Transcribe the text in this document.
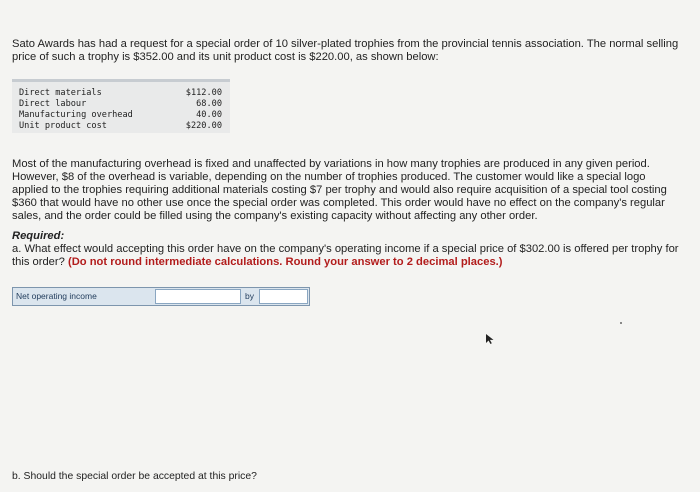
Sato Awards has had a request for a special order of 10 silver-plated trophies from the provincial tennis association. The normal selling price of such a trophy is $352.00 and its unit product cost is $220.00, as shown below:

Direct materials	$112.00
Direct labour	68.00
Manufacturing overhead	40.00
Unit product cost	$220.00

Most of the manufacturing overhead is fixed and unaffected by variations in how many trophies are produced in any given period. However, $8 of the overhead is variable, depending on the number of trophies produced. The customer would like a special logo applied to the trophies requiring additional materials costing $7 per trophy and would also require acquisition of a special tool costing $360 that would have no other use once the special order was completed. This order would have no effect on the company's regular sales, and the order could be filled using the company's existing capacity without affecting any other order.

Required:

a. What effect would accepting this order have on the company's operating income if a special price of $302.00 is offered per trophy for this order? (Do not round intermediate calculations. Round your answer to 2 decimal places.)

Net operating income	by

b. Should the special order be accepted at this price?
